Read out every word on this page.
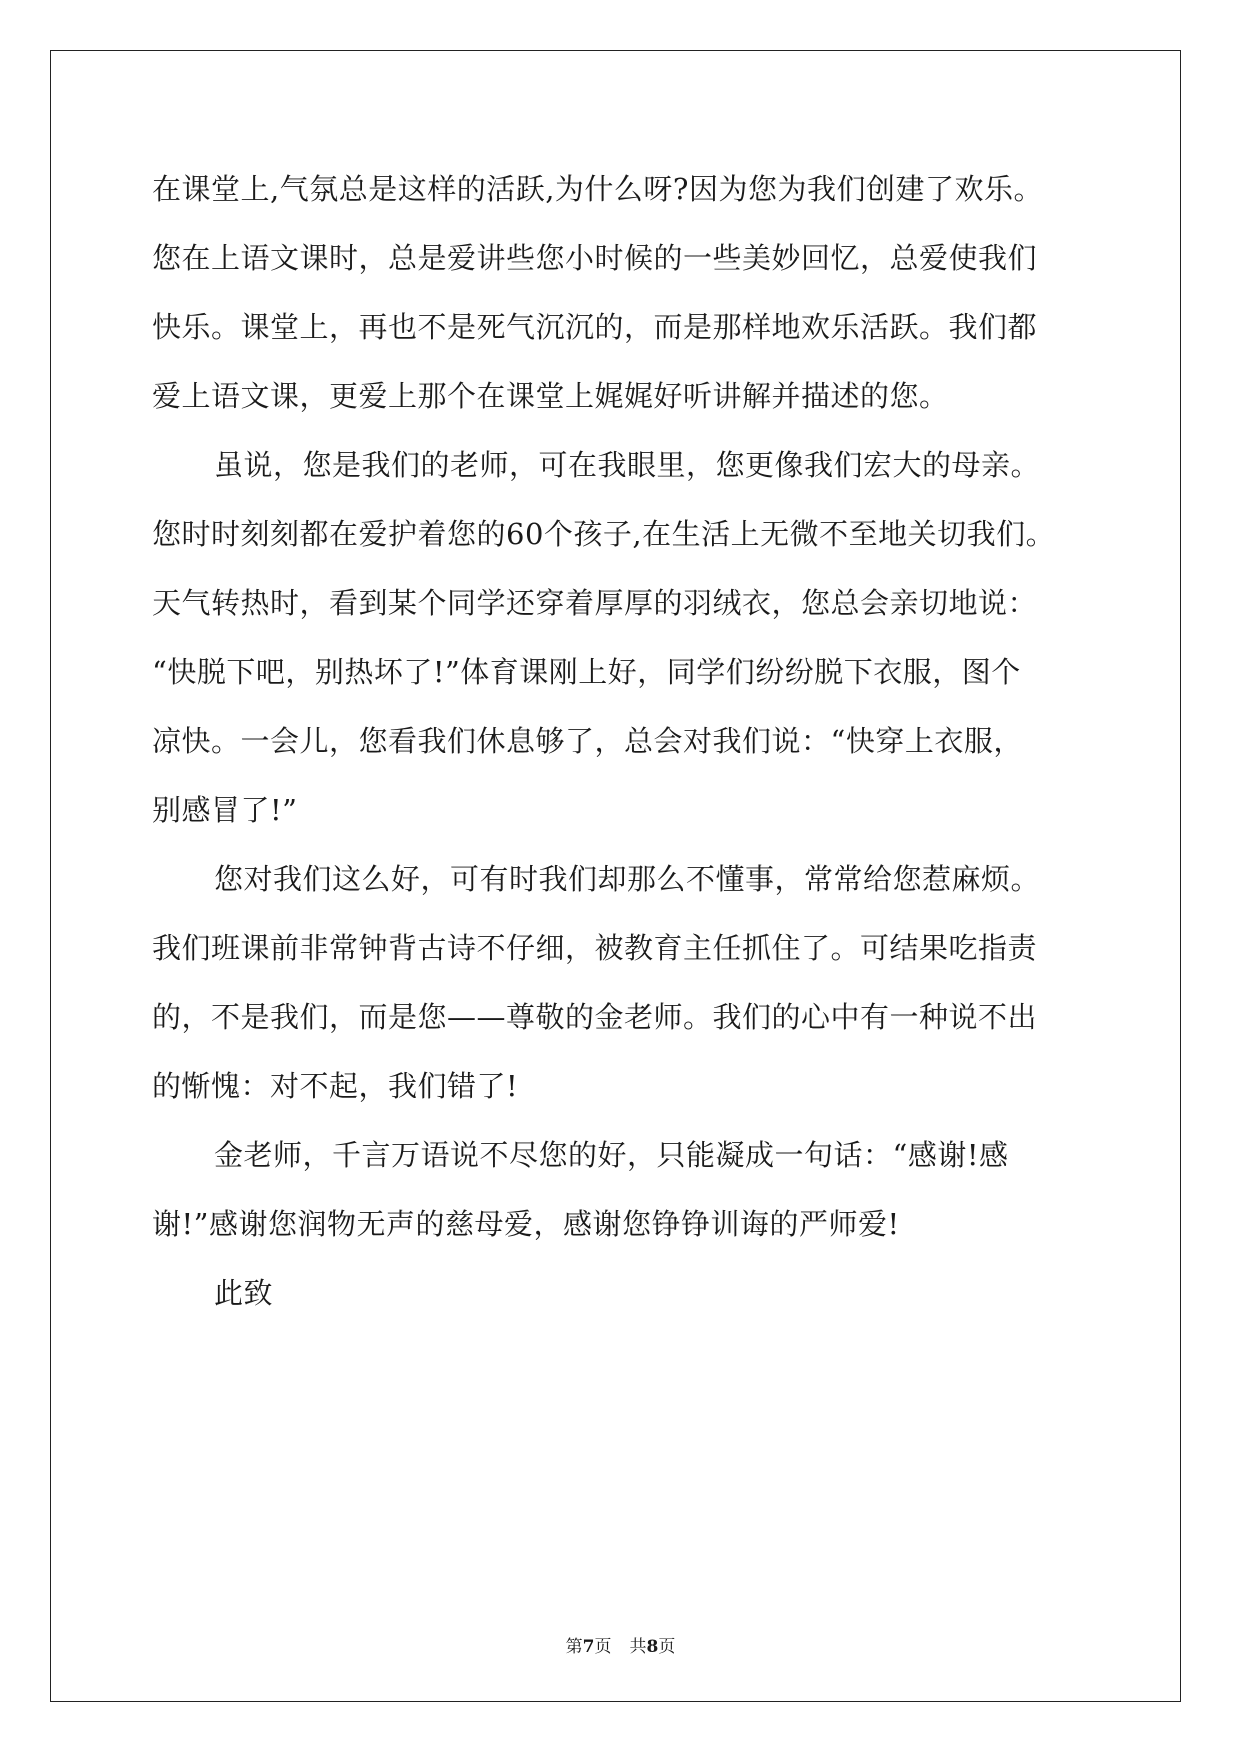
在课堂上,气氛总是这样的活跃,为什么呀?因为您为我们创建了欢乐。
您在上语文课时，总是爱讲些您小时候的一些美妙回忆，总爱使我们
快乐。课堂上，再也不是死气沉沉的，而是那样地欢乐活跃。我们都
爱上语文课，更爱上那个在课堂上娓娓好听讲解并描述的您。
虽说，您是我们的老师，可在我眼里，您更像我们宏大的母亲。
您时时刻刻都在爱护着您的60个孩子,在生活上无微不至地关切我们。
天气转热时，看到某个同学还穿着厚厚的羽绒衣，您总会亲切地说：
“快脱下吧，别热坏了!”体育课刚上好，同学们纷纷脱下衣服，图个
凉快。一会儿，您看我们休息够了，总会对我们说：“快穿上衣服，
别感冒了!”
您对我们这么好，可有时我们却那么不懂事，常常给您惹麻烦。
我们班课前非常钟背古诗不仔细，被教育主任抓住了。可结果吃指责
的，不是我们，而是您——尊敬的金老师。我们的心中有一种说不出
的惭愧：对不起，我们错了!
金老师，千言万语说不尽您的好，只能凝成一句话：“感谢!感
谢!”感谢您润物无声的慈母爱，感谢您铮铮训诲的严师爱!
此致
第7页 共8页
